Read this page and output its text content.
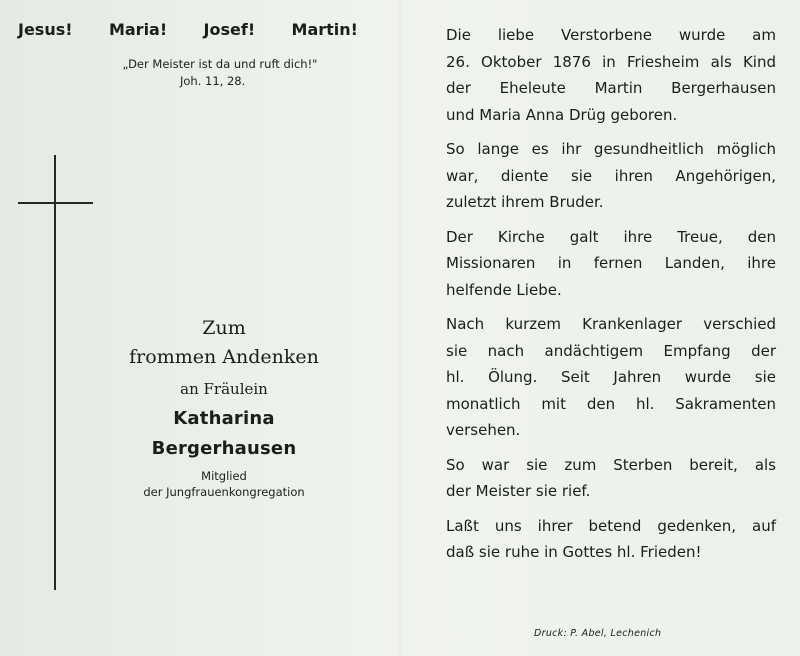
Jesus! Maria! Josef! Martin!
„Der Meister ist da und ruft dich!"
Joh. 11, 28.
Zum
frommen Andenken
an Fräulein
Katharina Bergerhausen
Mitglied
der Jungfrauenkongregation

Die liebe Verstorbene wurde am
26. Oktober 1876 in Friesheim als Kind
der Eheleute Martin Bergerhausen
und Maria Anna Drüg geboren.

So lange es ihr gesundheitlich möglich
war, diente sie ihren Angehörigen,
zuletzt ihrem Bruder.

Der Kirche galt ihre Treue, den
Missionaren in fernen Landen, ihre
helfende Liebe.

Nach kurzem Krankenlager verschied
sie nach andächtigem Empfang der
hl. Ölung. Seit Jahren wurde sie
monatlich mit den hl. Sakramenten
versehen.

So war sie zum Sterben bereit, als
der Meister sie rief.

Laßt uns ihrer betend gedenken, auf
daß sie ruhe in Gottes hl. Frieden!

Druck: P. Abel, Lechenich
